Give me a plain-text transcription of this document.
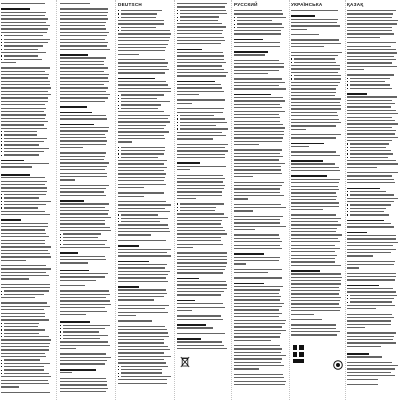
DEUTSCH	РУССКИЙ	УКРАЇНСЬКА	ҚАЗАҚ
